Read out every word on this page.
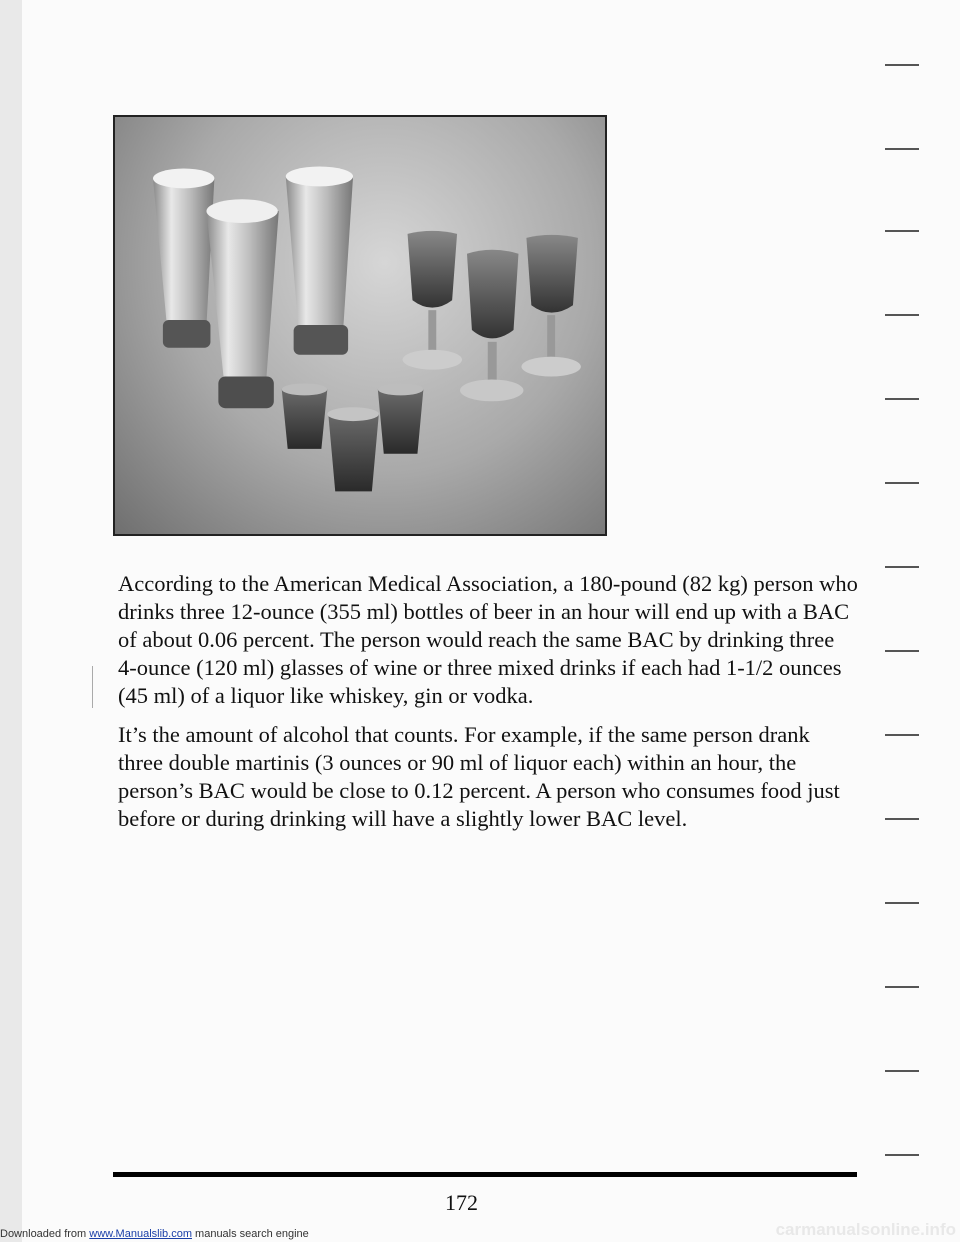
Downloaded from www.Manualslib.com manuals search engine

According to the American Medical Association, a 180-pound (82 kg) person who drinks three 12-ounce (355 ml) bottles of beer in an hour will end up with a BAC of about 0.06 percent. The person would reach the same BAC by drinking three 4-ounce (120 ml) glasses of wine or three mixed drinks if each had 1-1/2 ounces (45 ml) of a liquor like whiskey, gin or vodka.

It’s the amount of alcohol that counts. For example, if the same person drank three double martinis (3 ounces or 90 ml of liquor each) within an hour, the person’s BAC would be close to 0.12 percent. A person who consumes food just before or during drinking will have a slightly lower BAC level.

172
carmanualsonline.info
